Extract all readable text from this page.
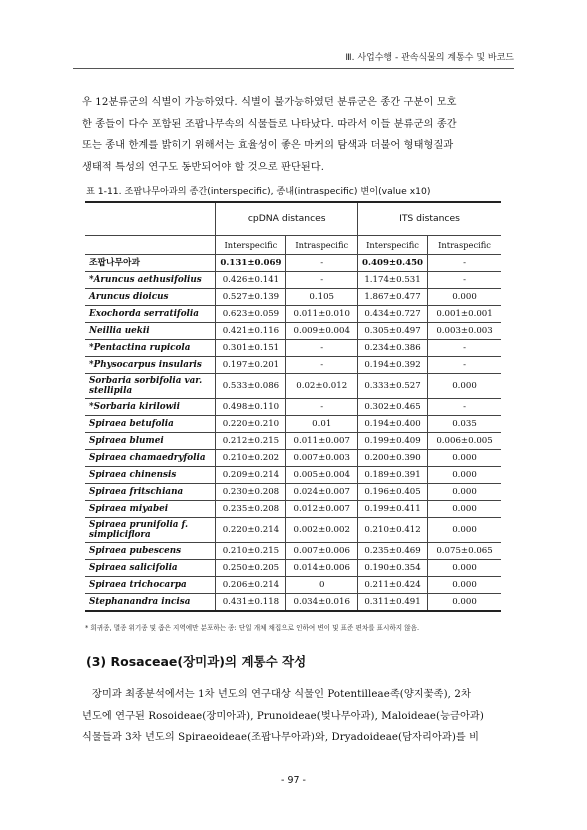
Ⅲ. 사업수행 - 관속식물의 계통수 및 바코드
우 12분류군의 식별이 가능하였다. 식별이 불가능하였던 분류군은 종간 구분이 모호
한 종들이 다수 포함된 조팝나무속의 식물들로 나타났다. 따라서 이들 분류군의 종간
또는 종내 한계를 밝히기 위해서는 효율성이 좋은 마커의 탐색과 더불어 형태형질과
생태적 특성의 연구도 동반되어야 할 것으로 판단된다.
표 1-11. 조팝나무아과의 종간(interspecific), 종내(intraspecific) 변이(value x10)
	cpDNA distances		ITS distances	
	Interspecific	Intraspecific	Interspecific	Intraspecific
조팝나무아과	0.131±0.069	-	0.409±0.450	-
*Aruncus aethusifolius	0.426±0.141	-	1.174±0.531	-
Aruncus dioicus	0.527±0.139	0.105	1.867±0.477	0.000
Exochorda serratifolia	0.623±0.059	0.011±0.010	0.434±0.727	0.001±0.001
Neillia uekii	0.421±0.116	0.009±0.004	0.305±0.497	0.003±0.003
*Pentactina rupicola	0.301±0.151	-	0.234±0.386	-
*Physocarpus insularis	0.197±0.201	-	0.194±0.392	-
Sorbaria sorbifolia var. stellipila	0.533±0.086	0.02±0.012	0.333±0.527	0.000
*Sorbaria kirilowii	0.498±0.110	-	0.302±0.465	-
Spiraea betufolia	0.220±0.210	0.01	0.194±0.400	0.035
Spiraea blumei	0.212±0.215	0.011±0.007	0.199±0.409	0.006±0.005
Spiraea chamaedryfolia	0.210±0.202	0.007±0.003	0.200±0.390	0.000
Spiraea chinensis	0.209±0.214	0.005±0.004	0.189±0.391	0.000
Spiraea fritschiana	0.230±0.208	0.024±0.007	0.196±0.405	0.000
Spiraea miyabei	0.235±0.208	0.012±0.007	0.199±0.411	0.000
Spiraea prunifolia f. simpliciflora	0.220±0.214	0.002±0.002	0.210±0.412	0.000
Spiraea pubescens	0.210±0.215	0.007±0.006	0.235±0.469	0.075±0.065
Spiraea salicifolia	0.250±0.205	0.014±0.006	0.190±0.354	0.000
Spiraea trichocarpa	0.206±0.214	0	0.211±0.424	0.000
Stephanandra incisa	0.431±0.118	0.034±0.016	0.311±0.491	0.000
* 희귀종, 멸종 위기종 및 좁은 지역에만 분포하는 종: 단일 개체 채집으로 인하여 변이 및 표준 편차를 표시하지 않음.
(3) Rosaceae(장미과)의 계통수 작성
장미과 최종분석에서는 1차 년도의 연구대상 식물인 Potentilleae족(양지꽃족), 2차
년도에 연구된 Rosoideae(장미아과), Prunoideae(벚나무아과), Maloideae(능금아과)
식물들과 3차 년도의 Spiraeoideae(조팝나무아과)와, Dryadoideae(담자리아과)를 비
- 97 -
